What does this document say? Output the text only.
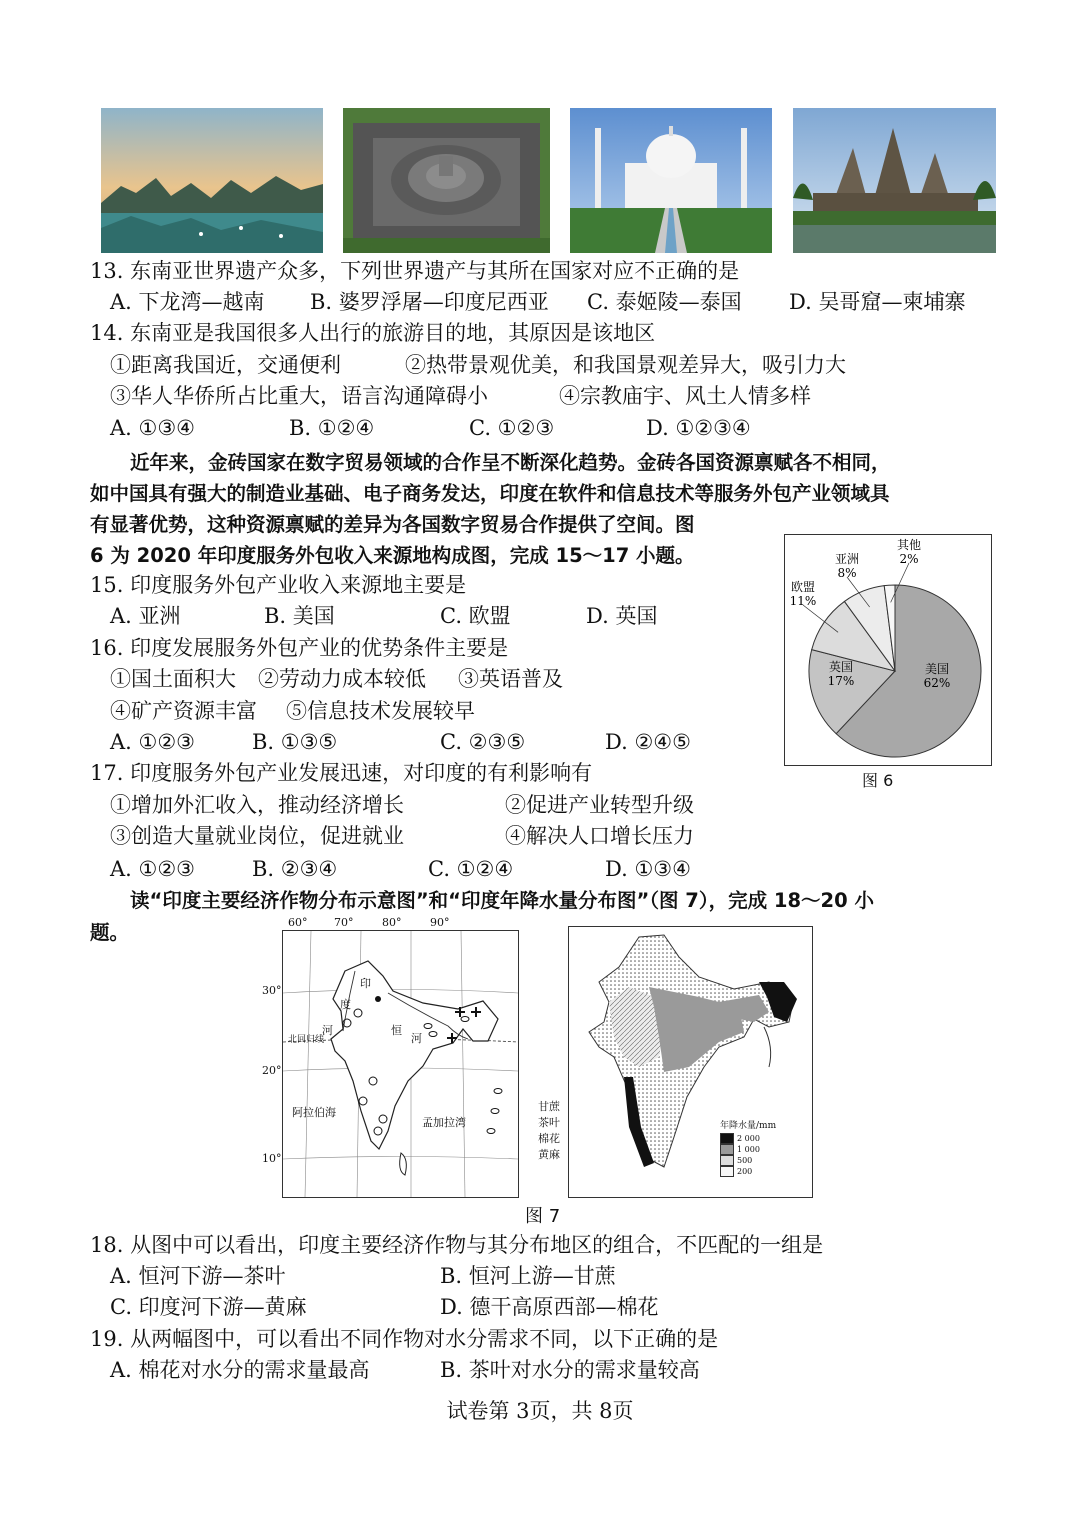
13. 东南亚世界遗产众多，下列世界遗产与其所在国家对应不正确的是
A. 下龙湾—越南 B. 婆罗浮屠—印度尼西亚 C. 泰姬陵—泰国 D. 吴哥窟—柬埔寨
14. 东南亚是我国很多人出行的旅游目的地，其原因是该地区
①距离我国近，交通便利	②热带景观优美，和我国景观差异大，吸引力大
③华人华侨所占比重大，语言沟通障碍小	④宗教庙宇、风土人情多样
A. ①③④	B. ①②④	C. ①②③	D. ①②③④
近年来，金砖国家在数字贸易领域的合作呈不断深化趋势。金砖各国资源禀赋各不相同，
如中国具有强大的制造业基础、电子商务发达，印度在软件和信息技术等服务外包产业领域具
有显著优势，这种资源禀赋的差异为各国数字贸易合作提供了空间。图
6 为 2020 年印度服务外包收入来源地构成图，完成 15～17 小题。
15. 印度服务外包产业收入来源地主要是
A. 亚洲	B. 美国	C. 欧盟	D. 英国
16. 印度发展服务外包产业的优势条件主要是
①国土面积大 ②劳动力成本较低 ③英语普及
④矿产资源丰富 ⑤信息技术发展较早
A. ①②③	B. ①③⑤	C. ②③⑤	D. ②④⑤
17. 印度服务外包产业发展迅速，对印度的有利影响有
①增加外汇收入，推动经济增长	②促进产业转型升级
③创造大量就业岗位，促进就业	④解决人口增长压力
A. ①②③	B. ②③④	C. ①②④	D. ①③④
美国
62%
英国
17%
欧盟
11%
亚洲
8%
其他
2%
图 6
读“印度主要经济作物分布示意图”和“印度年降水量分布图”（图 7），完成 18～20 小
题。	60° 70°	80°	90°
30°
20°
10°
北回归线
阿拉伯海
孟加拉湾
印
度
河	恒
河
甘蔗
茶叶
棉花
黄麻
年降水量/mm
2 000
1 000
500
200
图 7
18. 从图中可以看出，印度主要经济作物与其分布地区的组合，不匹配的一组是
A. 恒河下游—茶叶	B. 恒河上游—甘蔗
C. 印度河下游—黄麻	D. 德干高原西部—棉花
19. 从两幅图中，可以看出不同作物对水分需求不同，以下正确的是
A. 棉花对水分的需求量最高	B. 茶叶对水分的需求量较高
试卷第 3页，共 8页
